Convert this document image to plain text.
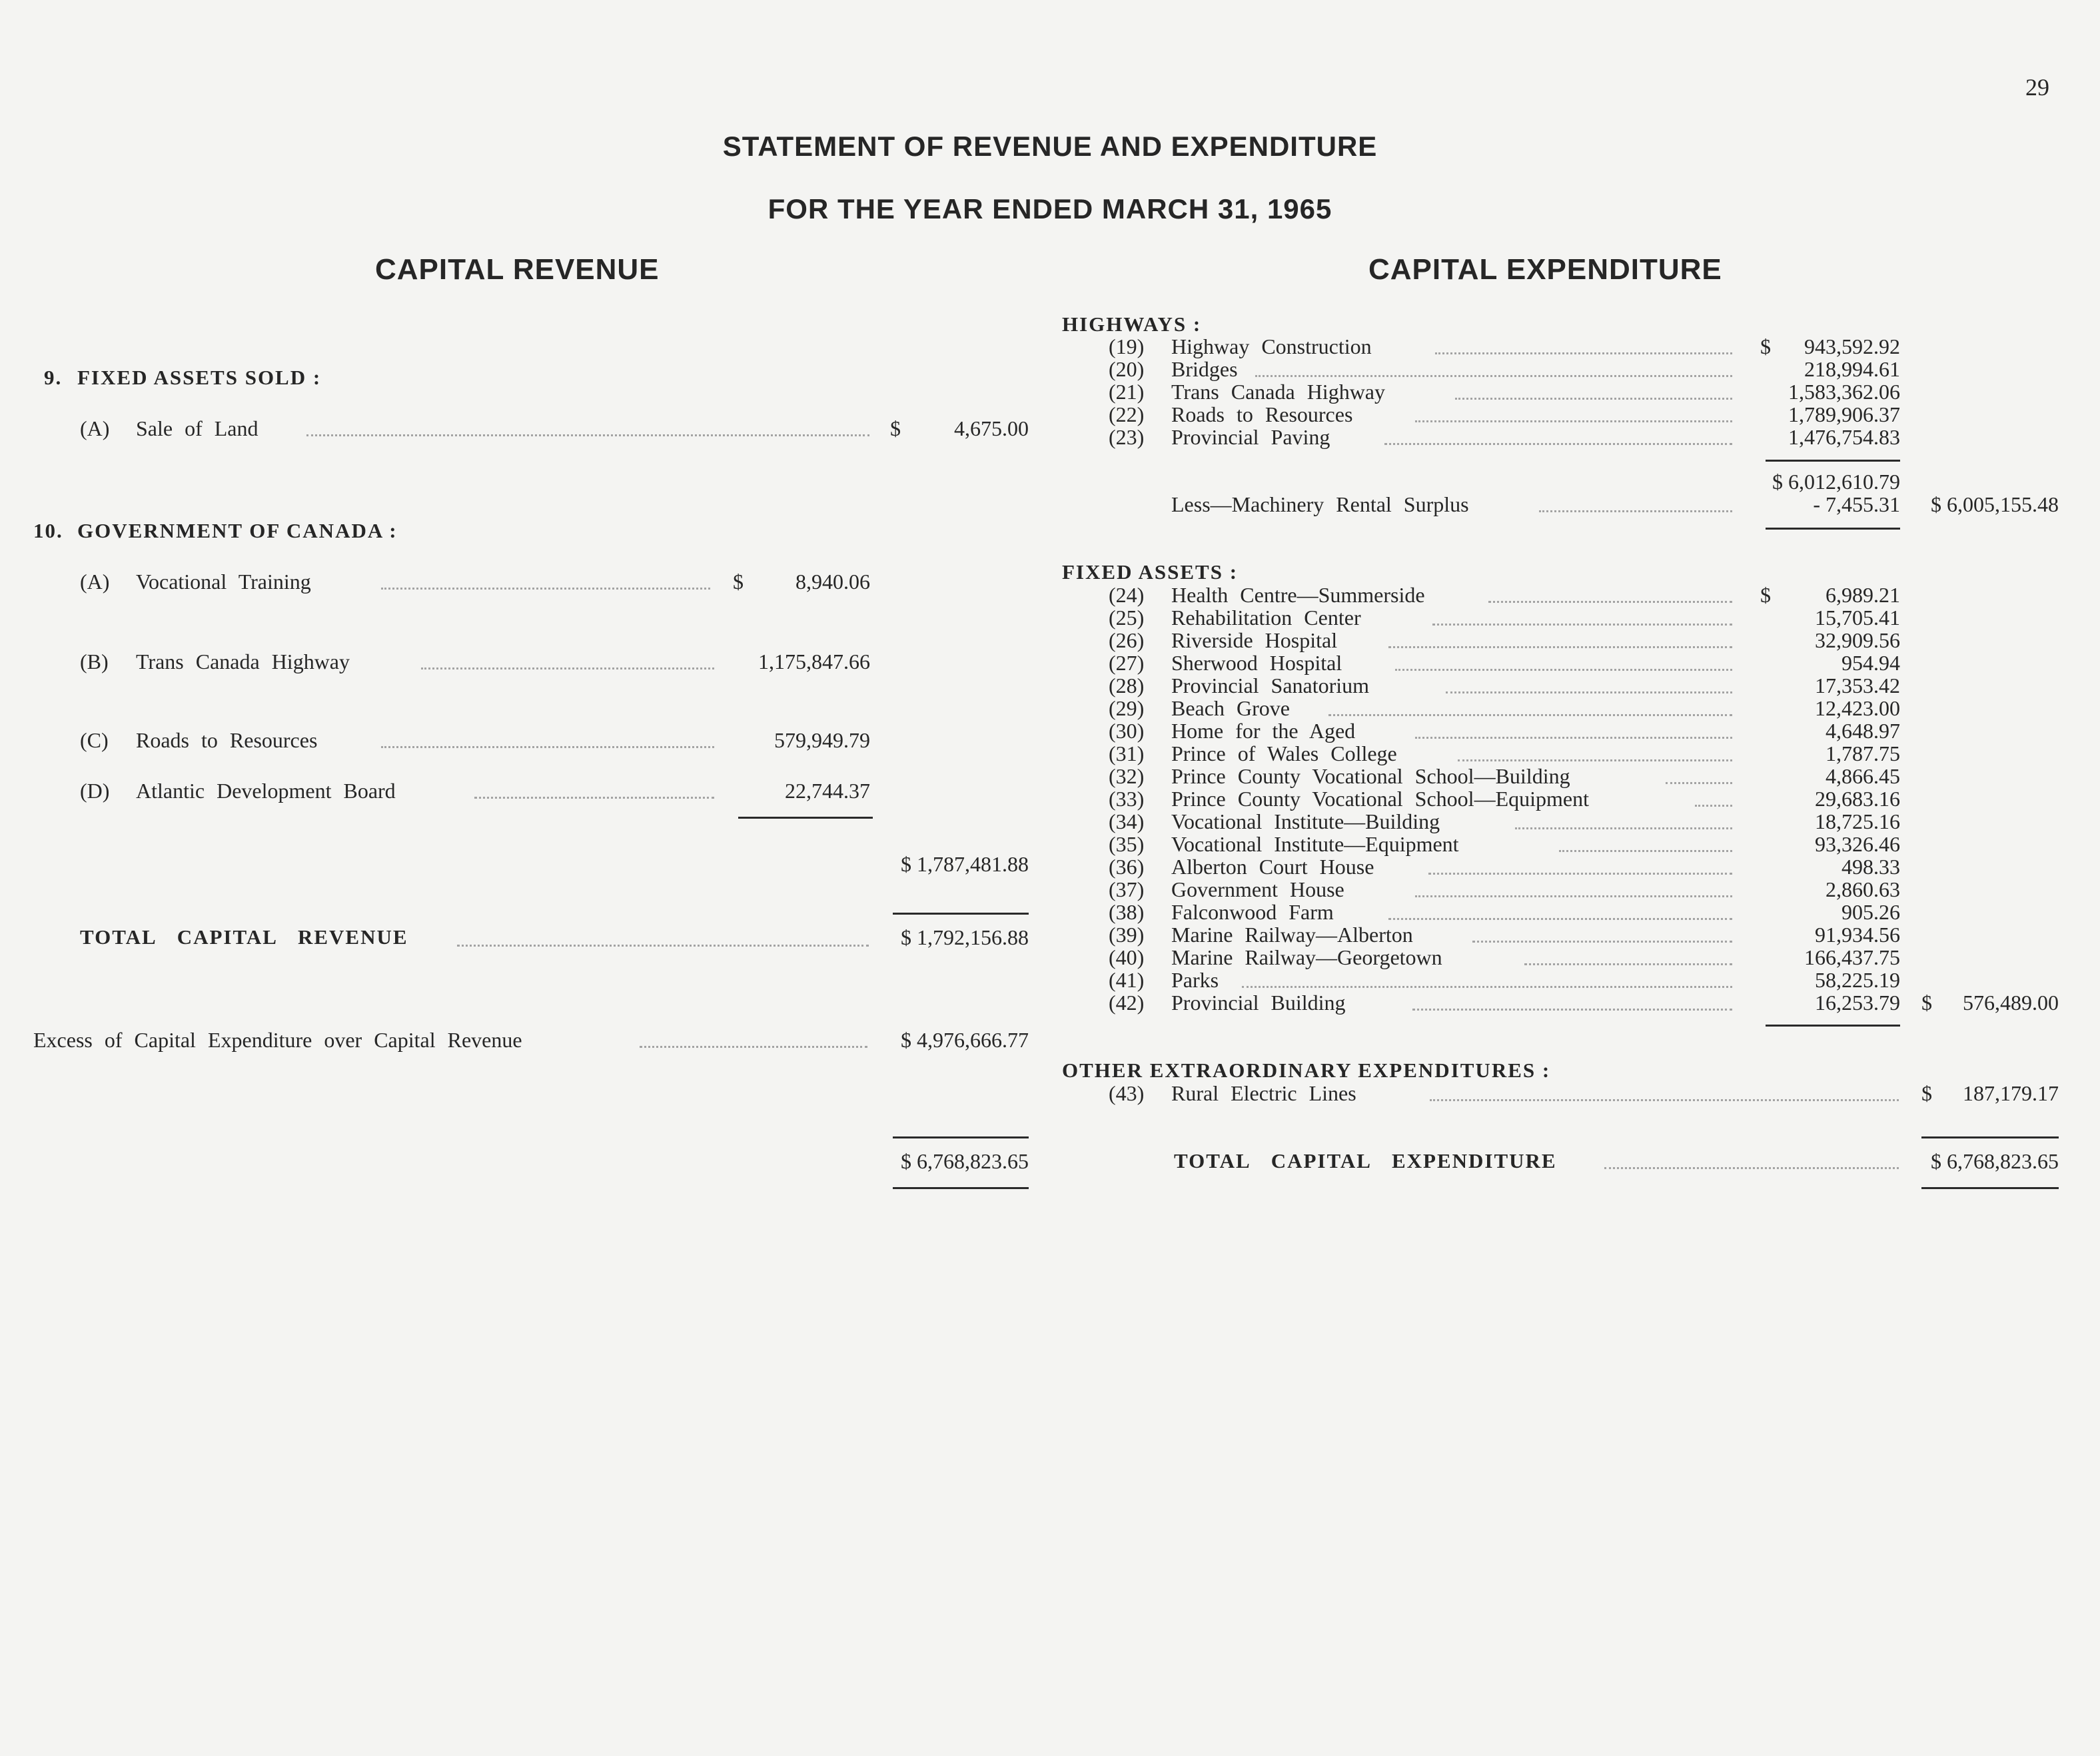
29
STATEMENT OF REVENUE AND EXPENDITURE
FOR THE YEAR ENDED MARCH 31, 1965
CAPITAL REVENUE	CAPITAL EXPENDITURE
9. FIXED ASSETS SOLD :
(A) Sale of Land	$	4,675.00
10. GOVERNMENT OF CANADA :
(A) Vocational Training	$	8,940.06
(B) Trans Canada Highway	1,175,847.66
(C) Roads to Resources	579,949.79
(D) Atlantic Development Board	22,744.37
$ 1,787,481.88
TOTAL CAPITAL REVENUE	$ 1,792,156.88
Excess of Capital Expenditure over Capital Revenue	$ 4,976,666.77
$ 6,768,823.65
HIGHWAYS :
(19) Highway Construction	$	943,592.92
(20) Bridges	218,994.61
(21) Trans Canada Highway	1,583,362.06
(22) Roads to Resources	1,789,906.37
(23) Provincial Paving	1,476,754.83
$ 6,012,610.79
Less—Machinery Rental Surplus	- 7,455.31	$ 6,005,155.48
FIXED ASSETS :
(24) Health Centre—Summerside	$	6,989.21
(25) Rehabilitation Center	15,705.41
(26) Riverside Hospital	32,909.56
(27) Sherwood Hospital	954.94
(28) Provincial Sanatorium	17,353.42
(29) Beach Grove	12,423.00
(30) Home for the Aged	4,648.97
(31) Prince of Wales College	1,787.75
(32) Prince County Vocational School—Building	4,866.45
(33) Prince County Vocational School—Equipment	29,683.16
(34) Vocational Institute—Building	18,725.16
(35) Vocational Institute—Equipment	93,326.46
(36) Alberton Court House	498.33
(37) Government House	2,860.63
(38) Falconwood Farm	905.26
(39) Marine Railway—Alberton	91,934.56
(40) Marine Railway—Georgetown	166,437.75
(41) Parks	58,225.19
(42) Provincial Building	16,253.79 $	576,489.00
OTHER EXTRAORDINARY EXPENDITURES :
(43) Rural Electric Lines	$	187,179.17
TOTAL CAPITAL EXPENDITURE	$ 6,768,823.65
